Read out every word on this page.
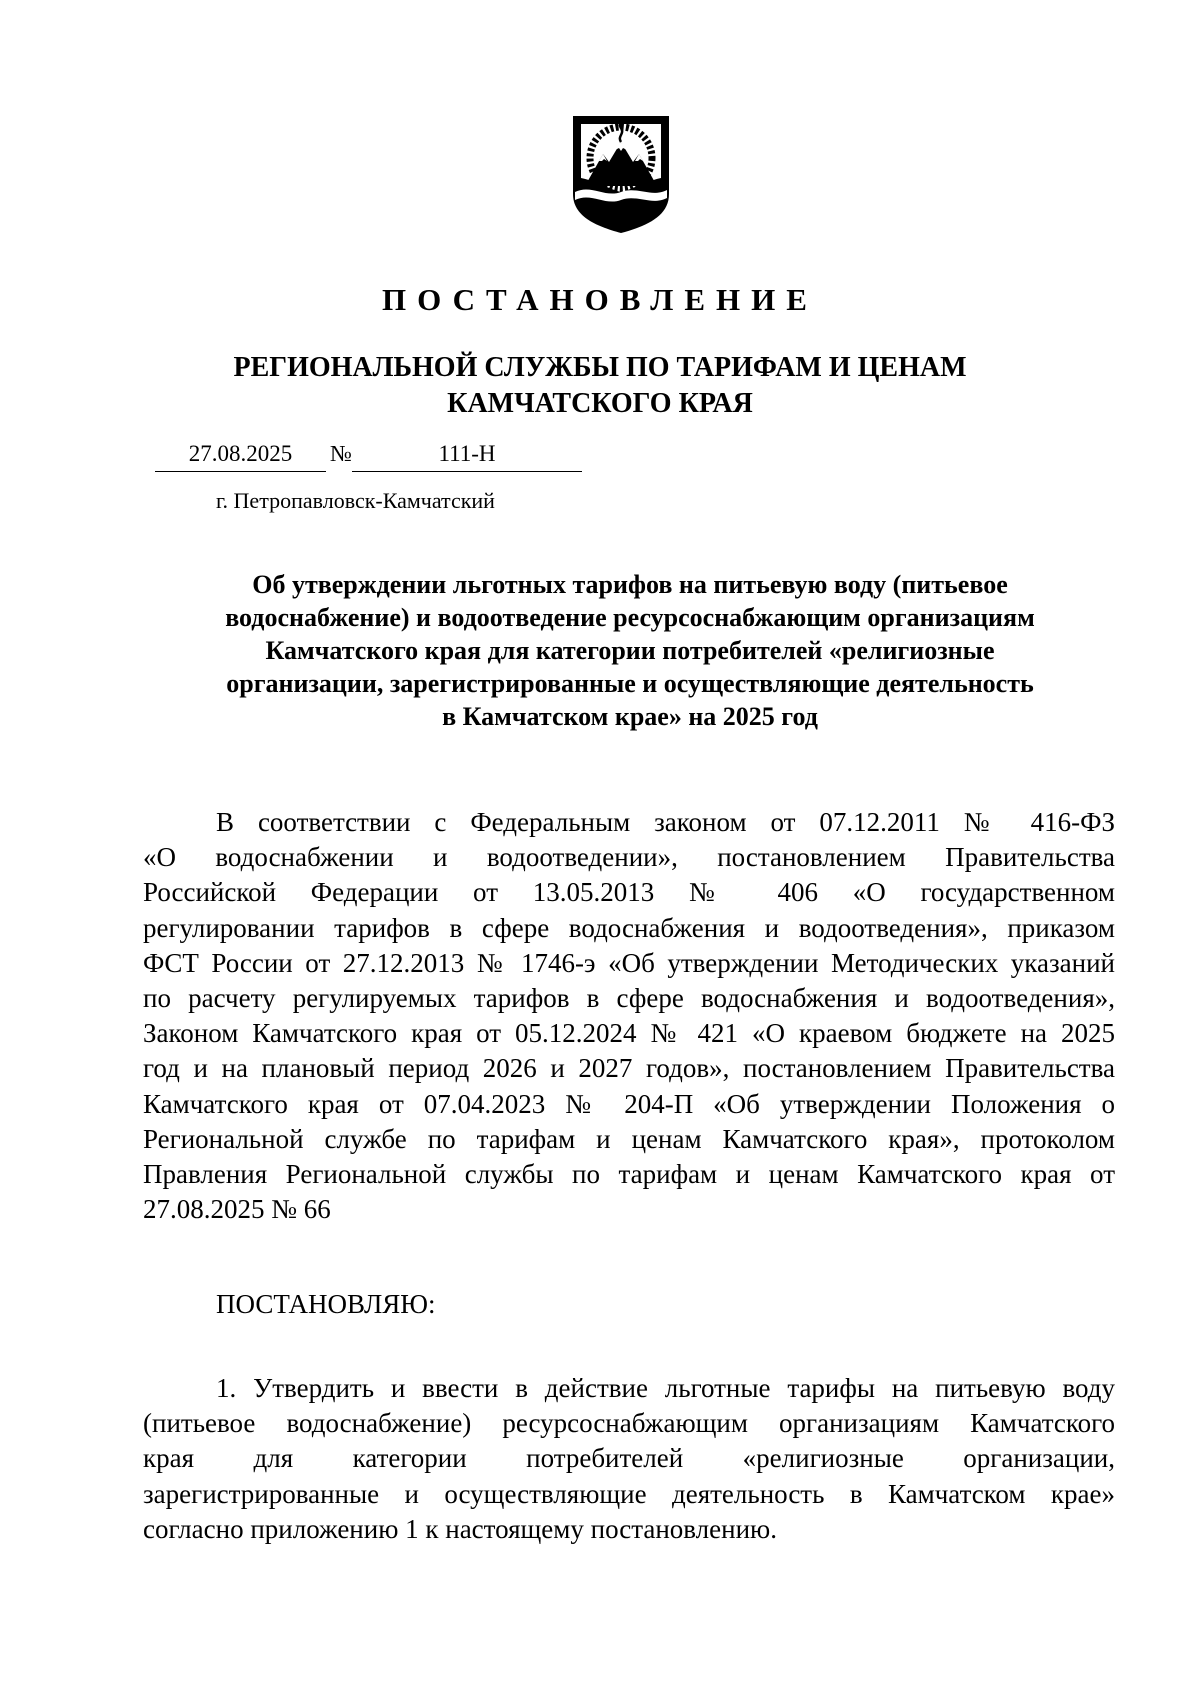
ПОСТАНОВЛЕНИЕ
РЕГИОНАЛЬНОЙ СЛУЖБЫ ПО ТАРИФАМ И ЦЕНАМ
КАМЧАТСКОГО КРАЯ
27.08.2025	№	111-Н
г. Петропавловск-Камчатский
Об утверждении льготных тарифов на питьевую воду (питьевое
водоснабжение) и водоотведение ресурсоснабжающим организациям
Камчатского края для категории потребителей «религиозные
организации, зарегистрированные и осуществляющие деятельность
в Камчатском крае» на 2025 год
В соответствии с Федеральным законом от 07.12.2011 № 416-ФЗ
«О водоснабжении и водоотведении», постановлением Правительства
Российской Федерации от 13.05.2013 № 406 «О государственном
регулировании тарифов в сфере водоснабжения и водоотведения», приказом
ФСТ России от 27.12.2013 № 1746-э «Об утверждении Методических указаний
по расчету регулируемых тарифов в сфере водоснабжения и водоотведения»,
Законом Камчатского края от 05.12.2024 № 421 «О краевом бюджете на 2025
год и на плановый период 2026 и 2027 годов», постановлением Правительства
Камчатского края от 07.04.2023 № 204-П «Об утверждении Положения о
Региональной службе по тарифам и ценам Камчатского края», протоколом
Правления Региональной службы по тарифам и ценам Камчатского края от
27.08.2025 № 66
ПОСТАНОВЛЯЮ:
1. Утвердить и ввести в действие льготные тарифы на питьевую воду
(питьевое водоснабжение) ресурсоснабжающим организациям Камчатского
края для категории потребителей «религиозные организации,
зарегистрированные и осуществляющие деятельность в Камчатском крае»
согласно приложению 1 к настоящему постановлению.
